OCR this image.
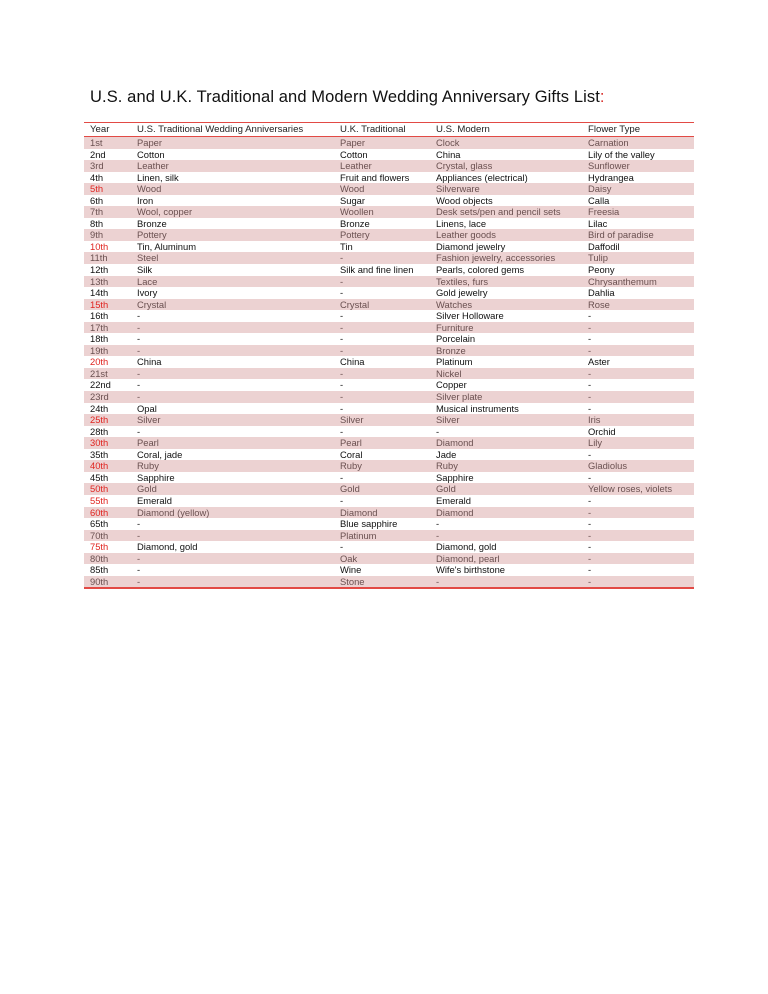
U.S. and U.K. Traditional and Modern Wedding Anniversary Gifts List:
Year	U.S. Traditional Wedding Anniversaries	U.K. Traditional	U.S. Modern	Flower Type
1st	Paper	Paper	Clock	Carnation
2nd	Cotton	Cotton	China	Lily of the valley
3rd	Leather	Leather	Crystal, glass	Sunflower
4th	Linen, silk	Fruit and flowers	Appliances (electrical)	Hydrangea
5th	Wood	Wood	Silverware	Daisy
6th	Iron	Sugar	Wood objects	Calla
7th	Wool, copper	Woollen	Desk sets/pen and pencil sets	Freesia
8th	Bronze	Bronze	Linens, lace	Lilac
9th	Pottery	Pottery	Leather goods	Bird of paradise
10th	Tin, Aluminum	Tin	Diamond jewelry	Daffodil
11th	Steel	-	Fashion jewelry, accessories	Tulip
12th	Silk	Silk and fine linen	Pearls, colored gems	Peony
13th	Lace	-	Textiles, furs	Chrysanthemum
14th	Ivory	-	Gold jewelry	Dahlia
15th	Crystal	Crystal	Watches	Rose
16th	-	-	Silver Holloware	-
17th	-	-	Furniture	-
18th	-	-	Porcelain	-
19th	-	-	Bronze	-
20th	China	China	Platinum	Aster
21st	-	-	Nickel	-
22nd	-	-	Copper	-
23rd	-	-	Silver plate	-
24th	Opal	-	Musical instruments	-
25th	Silver	Silver	Silver	Iris
28th	-	-	-	Orchid
30th	Pearl	Pearl	Diamond	Lily
35th	Coral, jade	Coral	Jade	-
40th	Ruby	Ruby	Ruby	Gladiolus
45th	Sapphire	-	Sapphire	-
50th	Gold	Gold	Gold	Yellow roses, violets
55th	Emerald	-	Emerald	-
60th	Diamond (yellow)	Diamond	Diamond	-
65th	-	Blue sapphire	-	-
70th	-	Platinum	-	-
75th	Diamond, gold	-	Diamond, gold	-
80th	-	Oak	Diamond, pearl	-
85th	-	Wine	Wife's birthstone	-
90th	-	Stone	-	-
